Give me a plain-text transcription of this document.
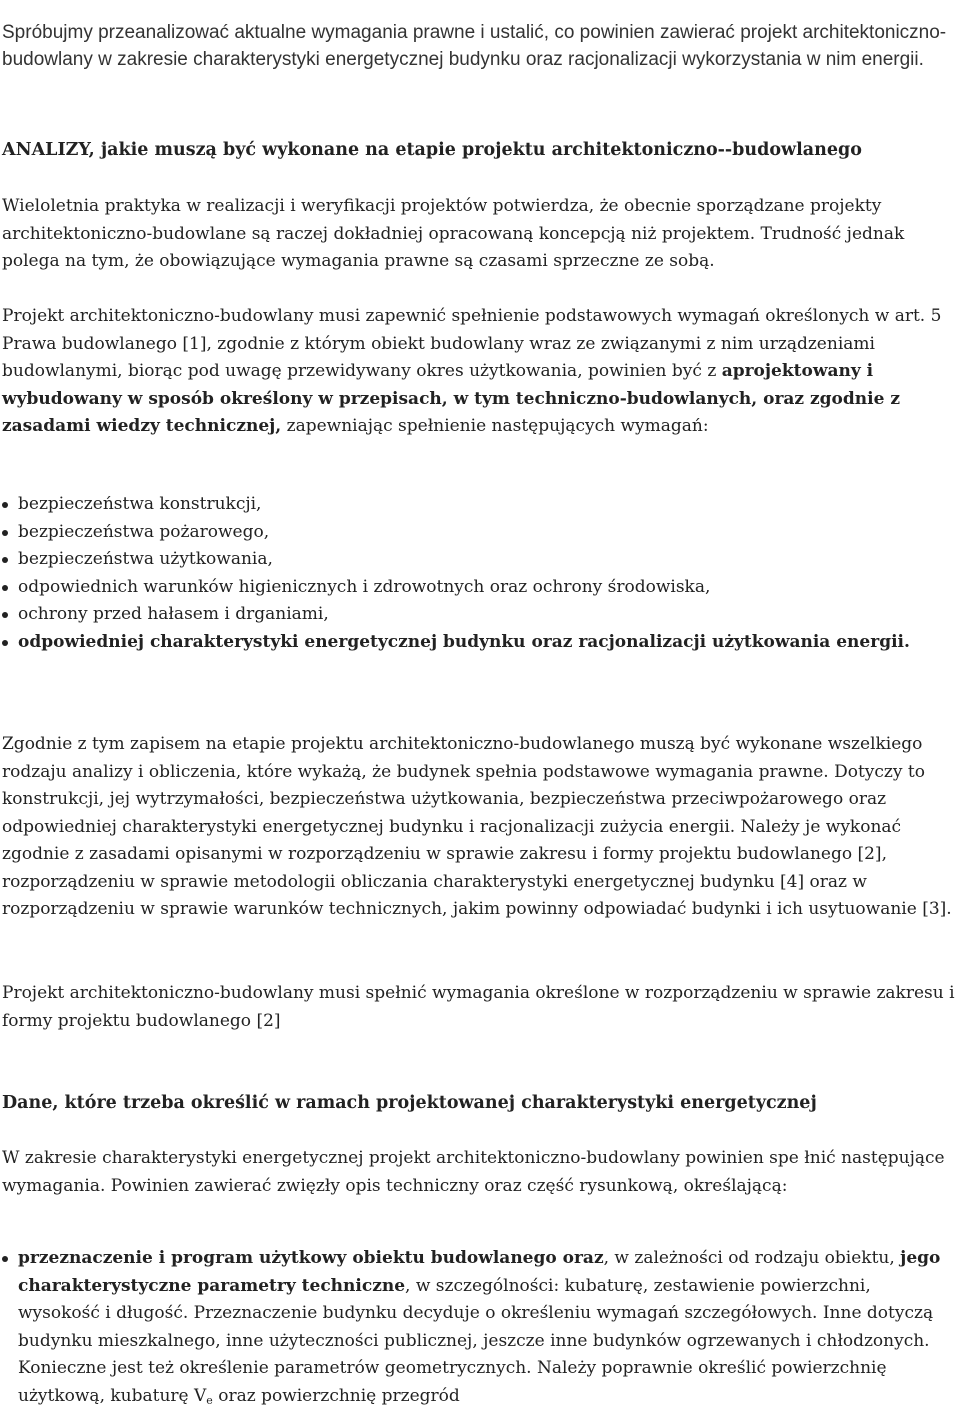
Spróbujmy przeanalizować aktualne wymagania prawne i ustalić, co powinien zawierać projekt architektoniczno-budowlany w zakresie charakterystyki energetycznej budynku oraz racjonalizacji wykorzystania w nim energii.

ANALIZY, jakie muszą być wykonane na etapie projektu architektoniczno--budowlanego

Wieloletnia praktyka w realizacji i weryfikacji projektów potwierdza, że obecnie sporządzane projekty architektoniczno-budowlane są raczej dokładniej opracowaną koncepcją niż projektem. Trudność jednak polega na tym, że obowiązujące wymagania prawne są czasami sprzeczne ze sobą.

Projekt architektoniczno-budowlany musi zapewnić spełnienie podstawowych wymagań określonych w art. 5 Prawa budowlanego [1], zgodnie z którym obiekt budowlany wraz ze związanymi z nim urządzeniami budowlanymi, biorąc pod uwagę przewidywany okres użytkowania, powinien być z aprojektowany i wybudowany w sposób określony w przepisach, w tym techniczno-budowlanych, oraz zgodnie z zasadami wiedzy technicznej, zapewniając spełnienie następujących wymagań:

bezpieczeństwa konstrukcji,
bezpieczeństwa pożarowego,
bezpieczeństwa użytkowania,
odpowiednich warunków higienicznych i zdrowotnych oraz ochrony środowiska,
ochrony przed hałasem i drganiami,
odpowiedniej charakterystyki energetycznej budynku oraz racjonalizacji użytkowania energii.

Zgodnie z tym zapisem na etapie projektu architektoniczno-budowlanego muszą być wykonane wszelkiego rodzaju analizy i obliczenia, które wykażą, że budynek spełnia podstawowe wymagania prawne. Dotyczy to konstrukcji, jej wytrzymałości, bezpieczeństwa użytkowania, bezpieczeństwa przeciwpożarowego oraz odpowiedniej charakterystyki energetycznej budynku i racjonalizacji zużycia energii. Należy je wykonać zgodnie z zasadami opisanymi w rozporządzeniu w sprawie zakresu i formy projektu budowlanego [2], rozporządzeniu w sprawie metodologii obliczania charakterystyki energetycznej budynku [4] oraz w rozporządzeniu w sprawie warunków technicznych, jakim powinny odpowiadać budynki i ich usytuowanie [3].

Projekt architektoniczno-budowlany musi spełnić wymagania określone w rozporządzeniu w sprawie zakresu i formy projektu budowlanego [2]

Dane, które trzeba określić w ramach projektowanej charakterystyki energetycznej

W zakresie charakterystyki energetycznej projekt architektoniczno-budowlany powinien spe łnić następujące wymagania. Powinien zawierać zwięzły opis techniczny oraz część rysunkową, określającą:

przeznaczenie i program użytkowy obiektu budowlanego oraz, w zależności od rodzaju obiektu, jego charakterystyczne parametry techniczne, w szczególności: kubaturę, zestawienie powierzchni, wysokość i długość. Przeznaczenie budynku decyduje o określeniu wymagań szczegółowych. Inne dotyczą budynku mieszkalnego, inne użyteczności publicznej, jeszcze inne budynków ogrzewanych i chłodzonych. Konieczne jest też określenie parametrów geometrycznych. Należy poprawnie określić powierzchnię użytkową, kubaturę $V_e$ oraz powierzchnię przegród
